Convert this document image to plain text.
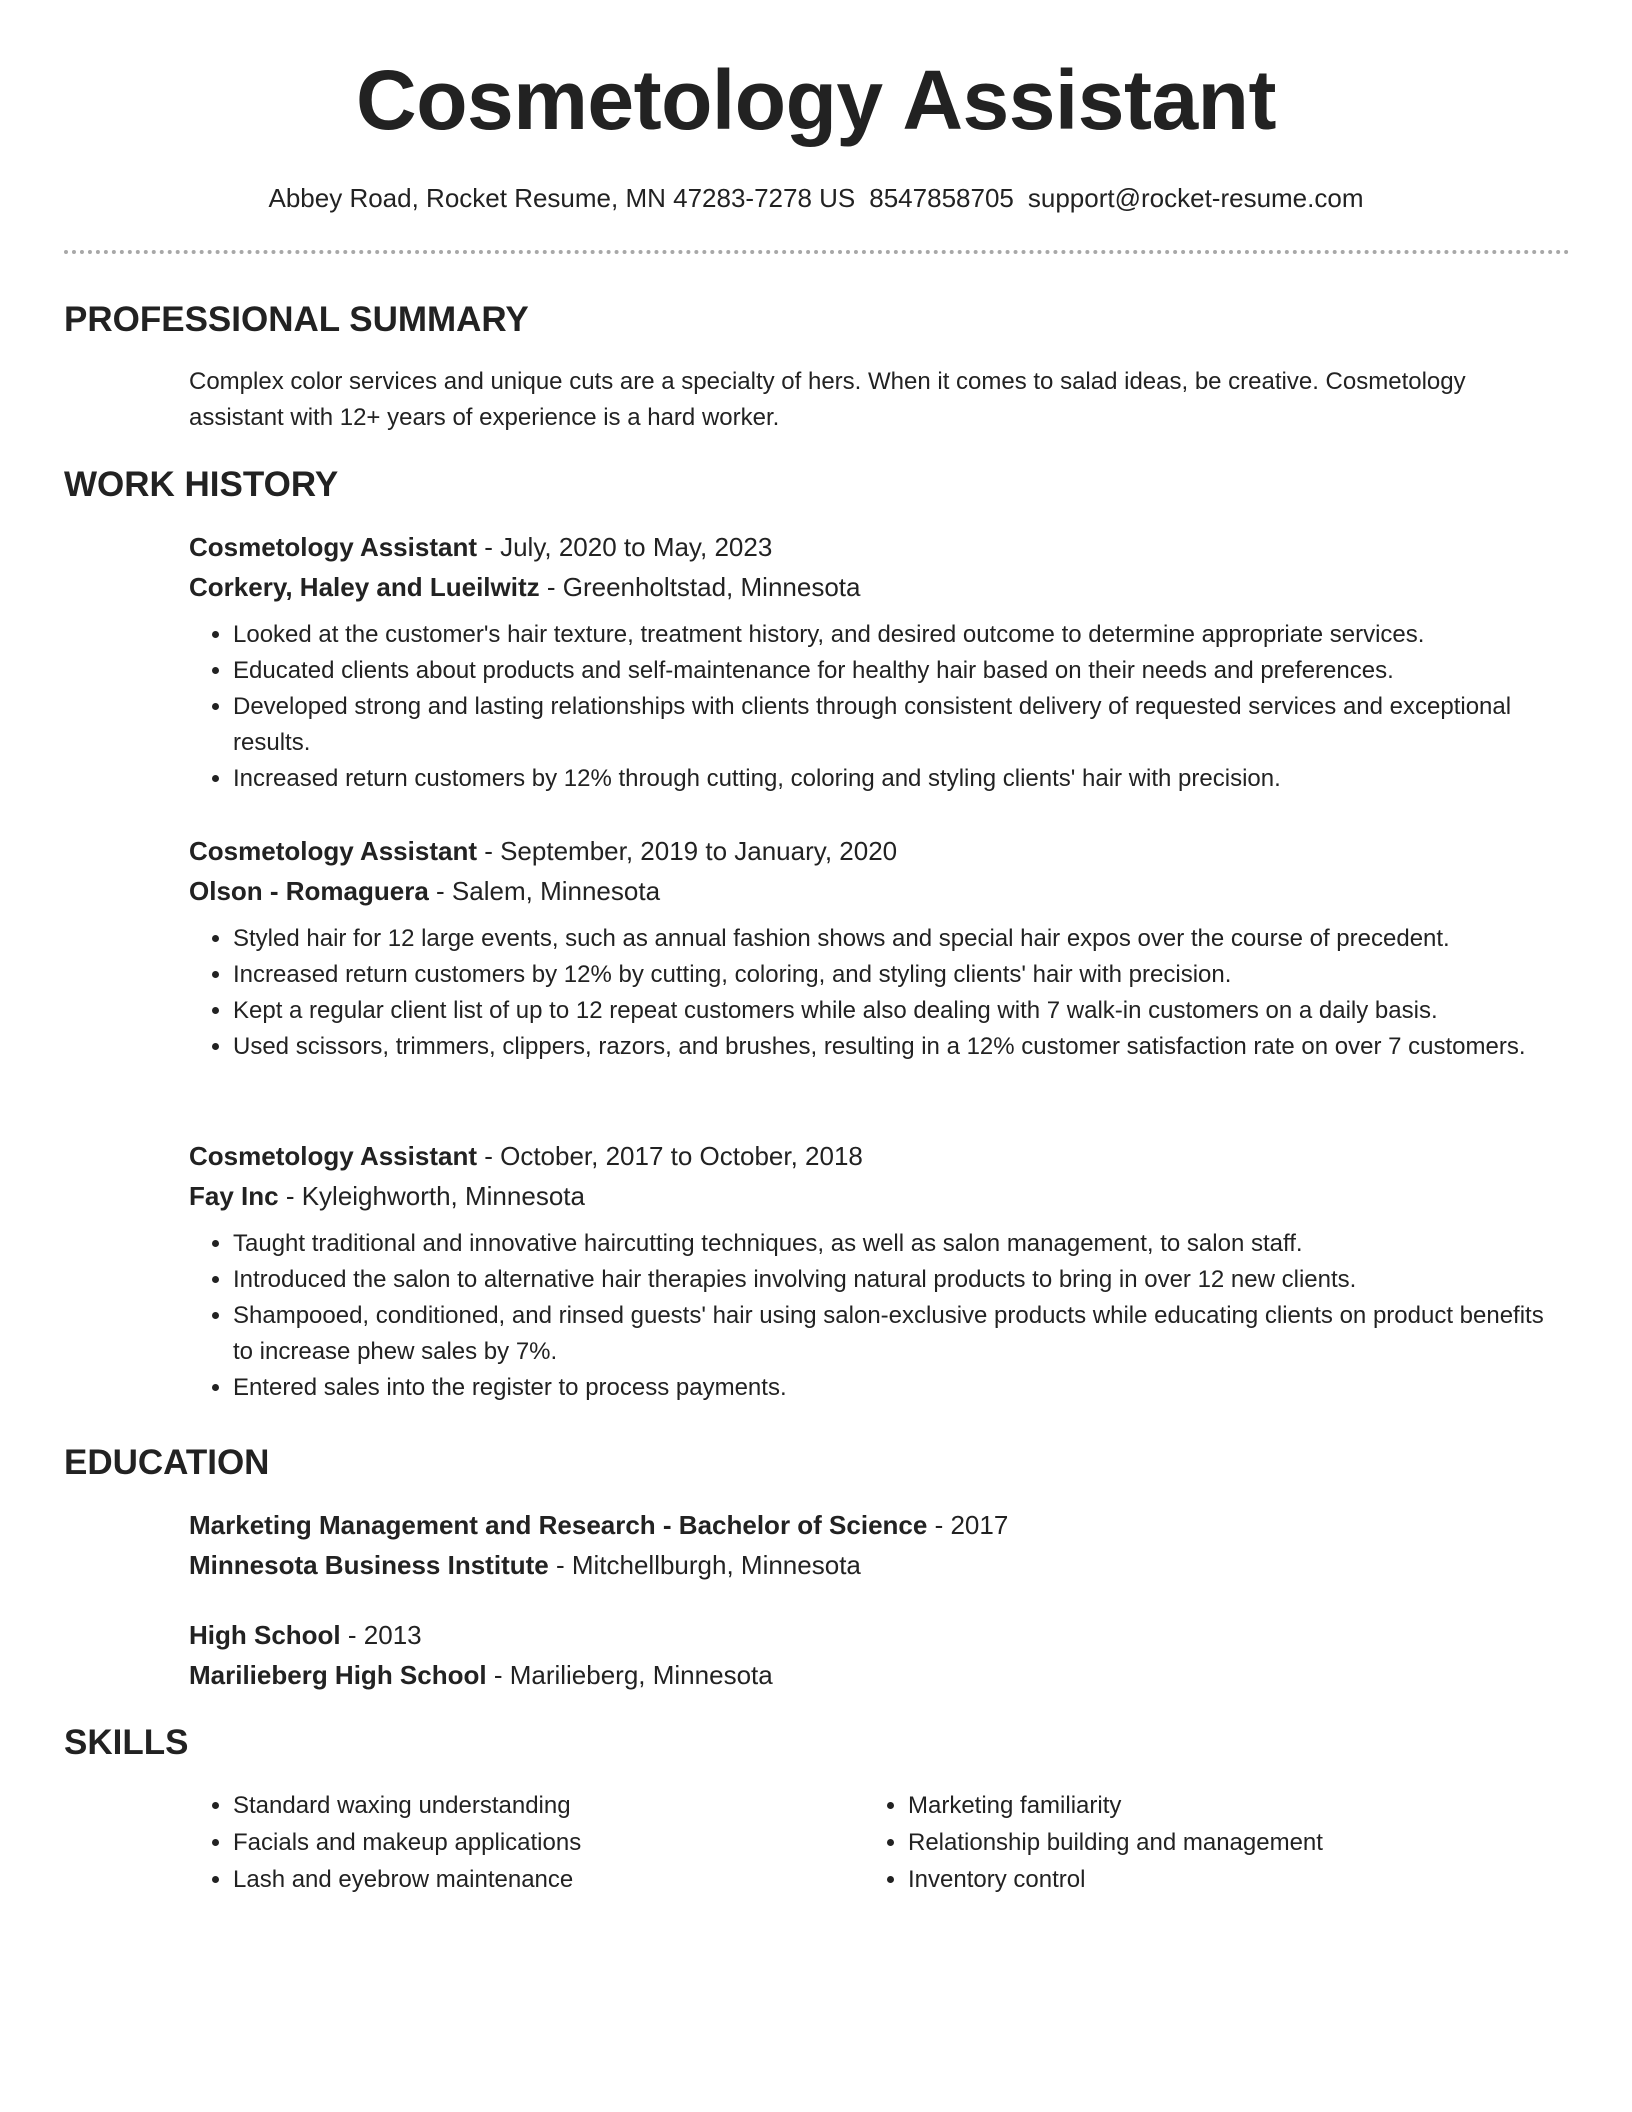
Cosmetology Assistant
Abbey Road, Rocket Resume, MN 47283-7278 US 8547858705 support@rocket-resume.com
PROFESSIONAL SUMMARY

Complex color services and unique cuts are a specialty of hers. When it comes to salad ideas, be creative. Cosmetology assistant with 12+ years of experience is a hard worker.

WORK HISTORY

Cosmetology Assistant - July, 2020 to May, 2023

Corkery, Haley and Lueilwitz - Greenholtstad, Minnesota

• Looked at the customer's hair texture, treatment history, and desired outcome to determine appropriate services.
• Educated clients about products and self-maintenance for healthy hair based on their needs and preferences.
• Developed strong and lasting relationships with clients through consistent delivery of requested services and exceptional results.
• Increased return customers by 12% through cutting, coloring and styling clients' hair with precision.

Cosmetology Assistant - September, 2019 to January, 2020

Olson - Romaguera - Salem, Minnesota

• Styled hair for 12 large events, such as annual fashion shows and special hair expos over the course of precedent.
• Increased return customers by 12% by cutting, coloring, and styling clients' hair with precision.
• Kept a regular client list of up to 12 repeat customers while also dealing with 7 walk-in customers on a daily basis.
• Used scissors, trimmers, clippers, razors, and brushes, resulting in a 12% customer satisfaction rate on over 7 customers.

Cosmetology Assistant - October, 2017 to October, 2018

Fay Inc - Kyleighworth, Minnesota

• Taught traditional and innovative haircutting techniques, as well as salon management, to salon staff.
• Introduced the salon to alternative hair therapies involving natural products to bring in over 12 new clients.
• Shampooed, conditioned, and rinsed guests' hair using salon-exclusive products while educating clients on product benefits to increase phew sales by 7%.
• Entered sales into the register to process payments.
EDUCATION

Marketing Management and Research - Bachelor of Science - 2017

Minnesota Business Institute - Mitchellburgh, Minnesota

High School - 2013

Marilieberg High School - Marilieberg, Minnesota

SKILLS
• Standard waxing understanding
• Facials and makeup applications
• Lash and eyebrow maintenance
• Marketing familiarity
• Relationship building and management
• Inventory control
